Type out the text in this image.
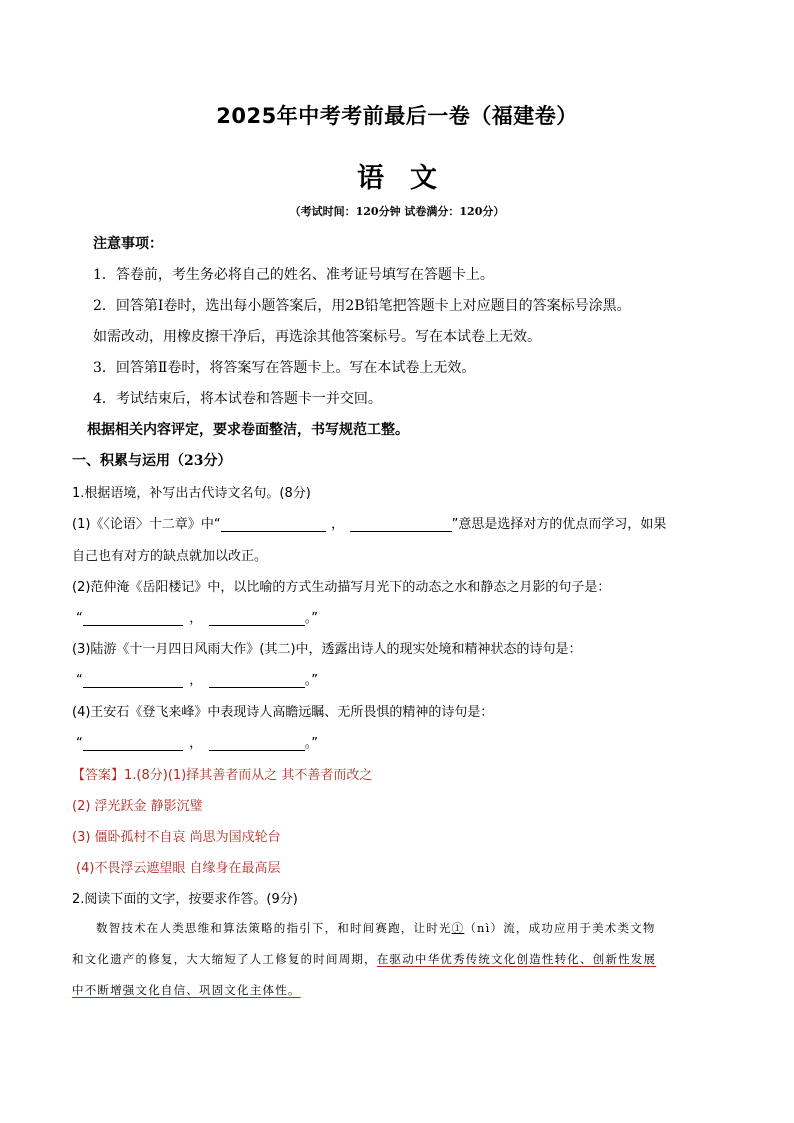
2025年中考考前最后一卷（福建卷）
语文
（考试时间：120分钟 试卷满分：120分）
注意事项：
1．答卷前，考生务必将自己的姓名、准考证号填写在答题卡上。
2．回答第Ⅰ卷时，选出每小题答案后，用2B铅笔把答题卡上对应题目的答案标号涂黑。
如需改动，用橡皮擦干净后，再选涂其他答案标号。写在本试卷上无效。
3．回答第Ⅱ卷时，将答案写在答题卡上。写在本试卷上无效。
4．考试结束后，将本试卷和答题卡一并交回。
根据相关内容评定，要求卷面整洁，书写规范工整。
一、积累与运用（23分）
1.根据语境，补写出古代诗文名句。(8分)
(1)《〈论语〉十二章》中“	，	”意思是选择对方的优点而学习，如果
自己也有对方的缺点就加以改正。
(2)范仲淹《岳阳楼记》中，以比喻的方式生动描写月光下的动态之水和静态之月影的句子是：
“	，	。”
(3)陆游《十一月四日风雨大作》(其二)中，透露出诗人的现实处境和精神状态的诗句是：
“	，	。”
(4)王安石《登飞来峰》中表现诗人高瞻远瞩、无所畏惧的精神的诗句是：
“	，	。”
【答案】1.(8分)(1)择其善者而从之 其不善者而改之
(2) 浮光跃金 静影沉璧
(3) 僵卧孤村不自哀 尚思为国戍轮台
(4)不畏浮云遮望眼 自缘身在最高层
2.阅读下面的文字，按要求作答。(9分)
数智技术在人类思维和算法策略的指引下，和时间赛跑，让时光①（nì）流，成功应用于美术类文物
和文化遗产的修复，大大缩短了人工修复的时间周期，在驱动中华优秀传统文化创造性转化、创新性发展
中不断增强文化自信、巩固文化主体性。
